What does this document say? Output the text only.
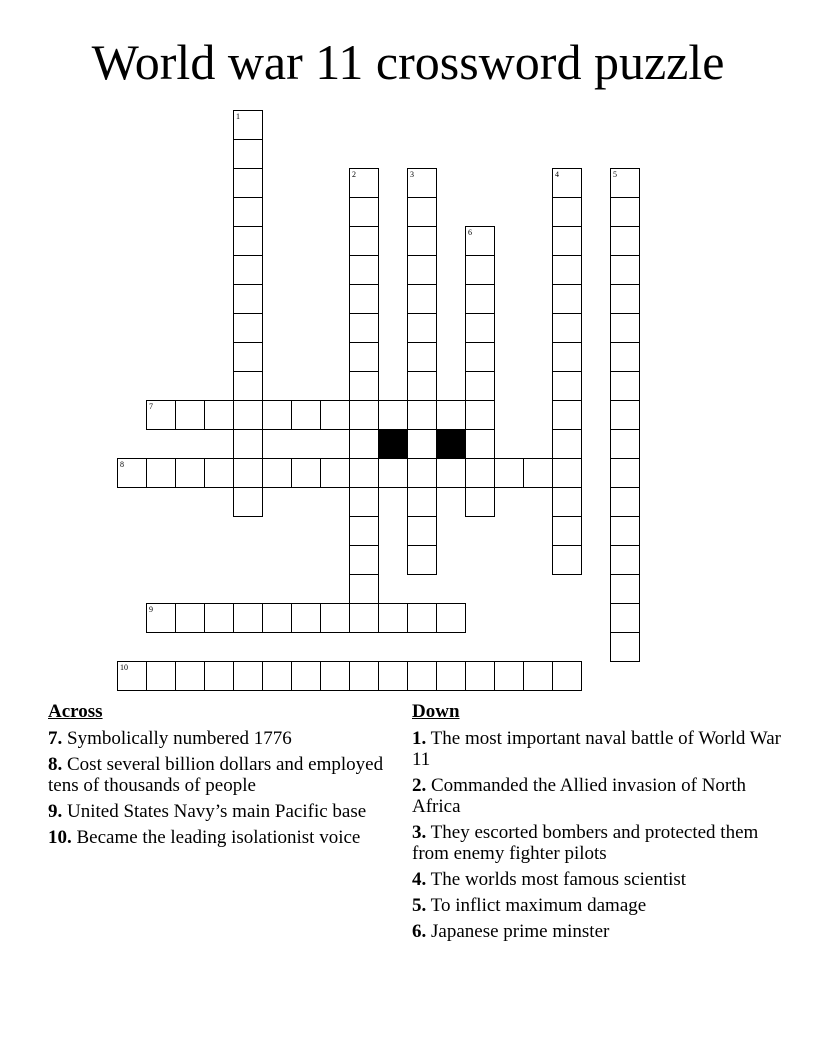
World war 11 crossword puzzle
1
2	3	4	5
6
7
8
9
10
Across
7. Symbolically numbered 1776
8. Cost several billion dollars and employed tens of thousands of people
9. United States Navy’s main Pacific base
10. Became the leading isolationist voice
Down
1. The most important naval battle of World War 11
2. Commanded the Allied invasion of North Africa
3. They escorted bombers and protected them from enemy fighter pilots
4. The worlds most famous scientist
5. To inflict maximum damage
6. Japanese prime minster
